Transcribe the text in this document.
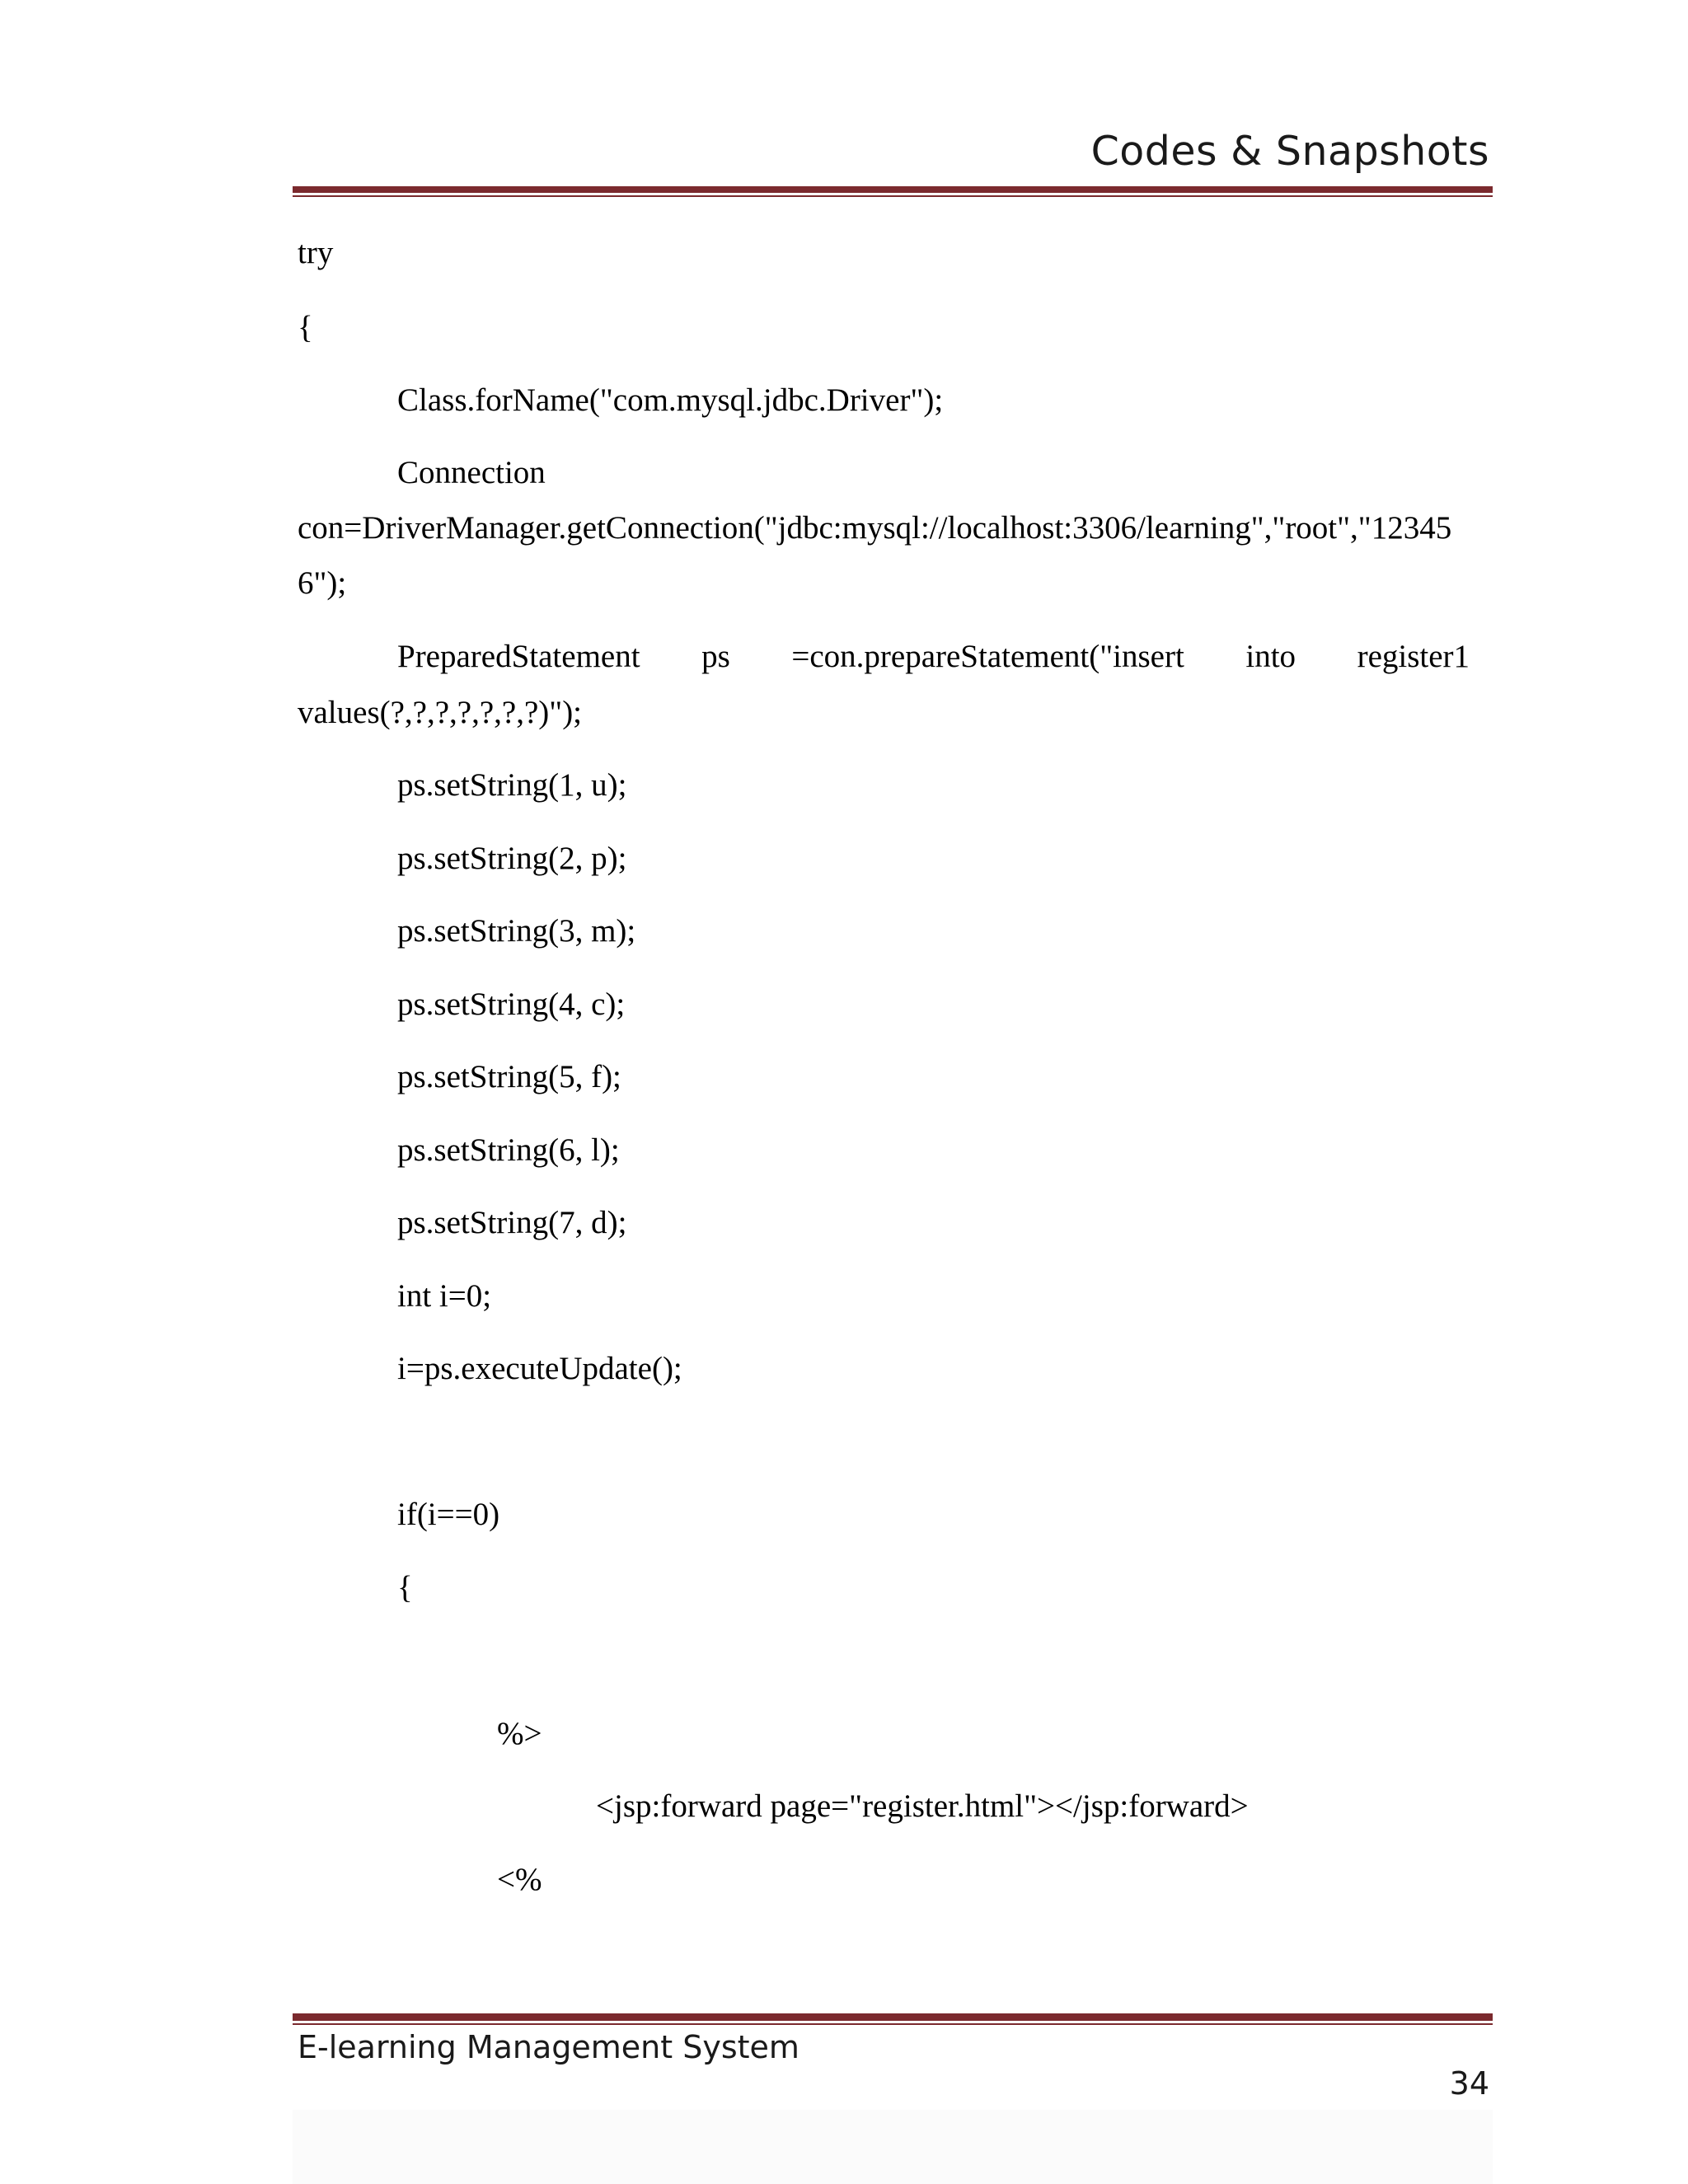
Codes & Snapshots
try
{
Class.forName("com.mysql.jdbc.Driver");
Connection
con=DriverManager.getConnection("jdbc:mysql://localhost:3306/learning","root","12345
6");
PreparedStatement ps =con.prepareStatement("insert into register1
values(?,?,?,?,?,?,?)");
ps.setString(1, u);
ps.setString(2, p);
ps.setString(3, m);
ps.setString(4, c);
ps.setString(5, f);
ps.setString(6, l);
ps.setString(7, d);
int i=0;
i=ps.executeUpdate();
if(i==0)
{
%>
<jsp:forward page="register.html"></jsp:forward>
<%
E-learning Management System
34
